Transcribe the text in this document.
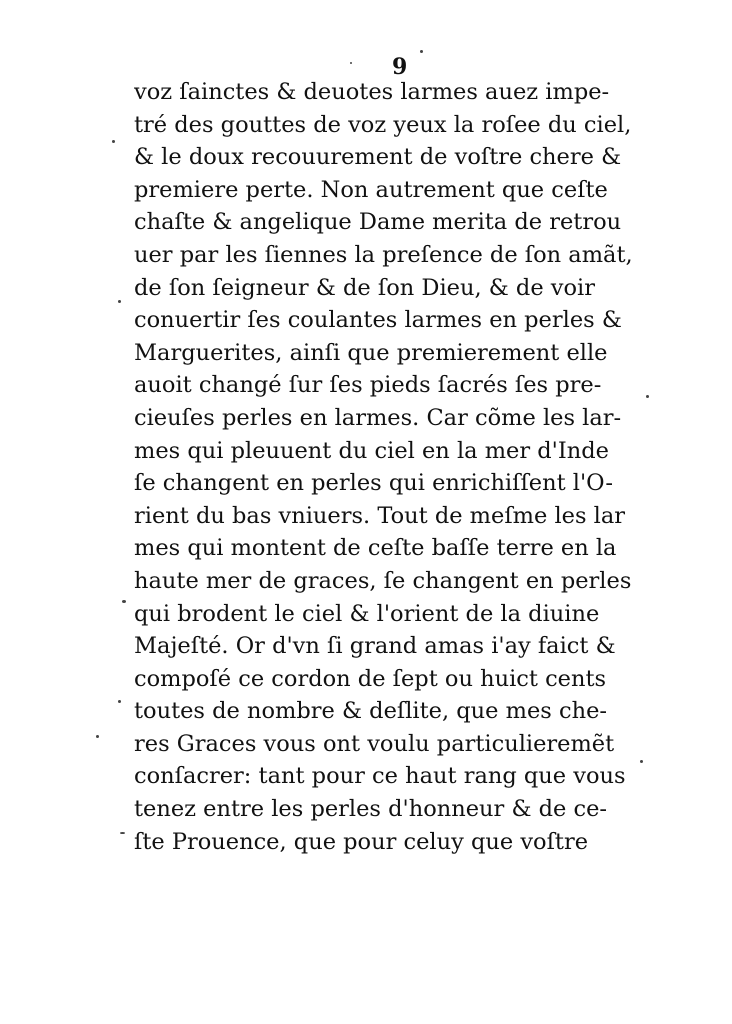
9
voz ſainctes & deuotes larmes auez impe-
tré des gouttes de voz yeux la roſee du ciel,
& le doux recouurement de voſtre chere &
premiere perte. Non autrement que ceſte
chaſte & angelique Dame merita de retrou
uer par les ſiennes la preſence de ſon amãt,
de ſon ſeigneur & de ſon Dieu, & de voir
conuertir ſes coulantes larmes en perles &
Marguerites, ainſi que premierement elle
auoit changé ſur ſes pieds ſacrés ſes pre-
cieuſes perles en larmes. Car cõme les lar-
mes qui pleuuent du ciel en la mer d'Inde
ſe changent en perles qui enrichiſſent l'O-
rient du bas vniuers. Tout de meſme les lar
mes qui montent de ceſte baſſe terre en la
haute mer de graces, ſe changent en perles
qui brodent le ciel & l'orient de la diuine
Majeſté. Or d'vn ſi grand amas i'ay faict &
compoſé ce cordon de ſept ou huict cents
toutes de nombre & deſlite, que mes che-
res Graces vous ont voulu particulieremẽt
conſacrer: tant pour ce haut rang que vous
tenez entre les perles d'honneur & de ce-
ſte Prouence, que pour celuy que voſtre
